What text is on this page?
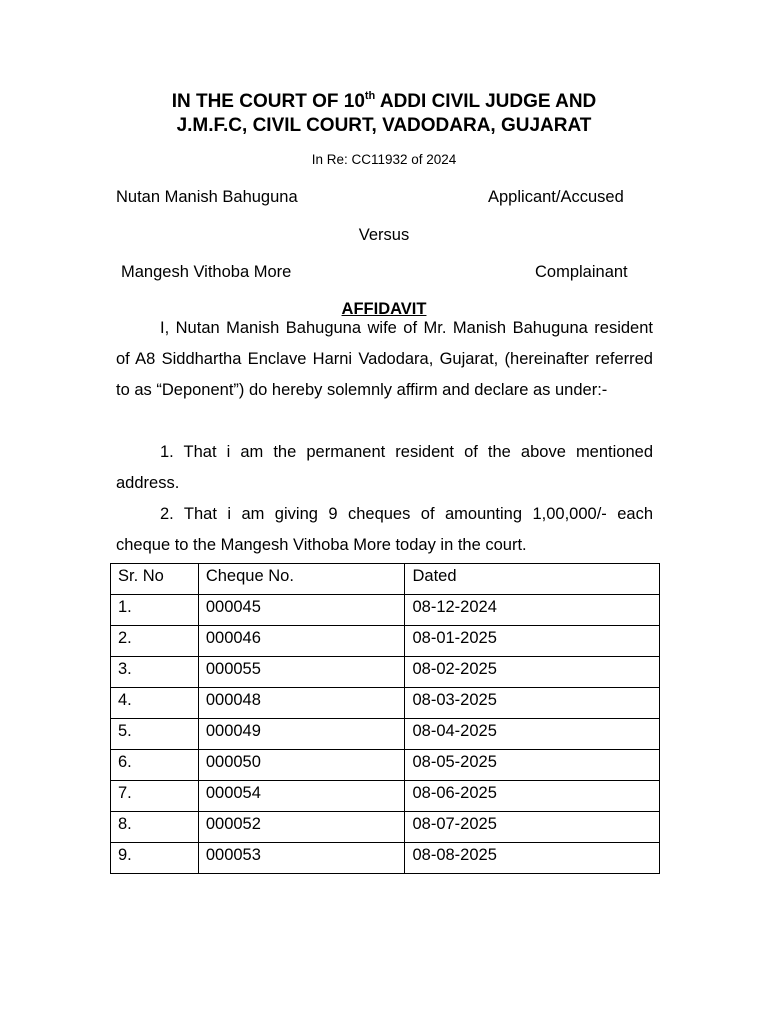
IN THE COURT OF 10th ADDI CIVIL JUDGE AND
J.M.F.C, CIVIL COURT, VADODARA, GUJARAT
In Re: CC11932 of 2024
Nutan Manish Bahuguna	Applicant/Accused
Versus
Mangesh Vithoba More	Complainant
AFFIDAVIT

I, Nutan Manish Bahuguna wife of Mr. Manish Bahuguna resident of A8 Siddhartha Enclave Harni Vadodara, Gujarat, (hereinafter referred to as “Deponent”) do hereby solemnly affirm and declare as under:-

1. That i am the permanent resident of the above mentioned address.

2. That i am giving 9 cheques of amounting 1,00,000/- each cheque to the Mangesh Vithoba More today in the court.

Sr. No	Cheque No.	Dated
1.	000045	08-12-2024
2.	000046	08-01-2025
3.	000055	08-02-2025
4.	000048	08-03-2025
5.	000049	08-04-2025
6.	000050	08-05-2025
7.	000054	08-06-2025
8.	000052	08-07-2025
9.	000053	08-08-2025
